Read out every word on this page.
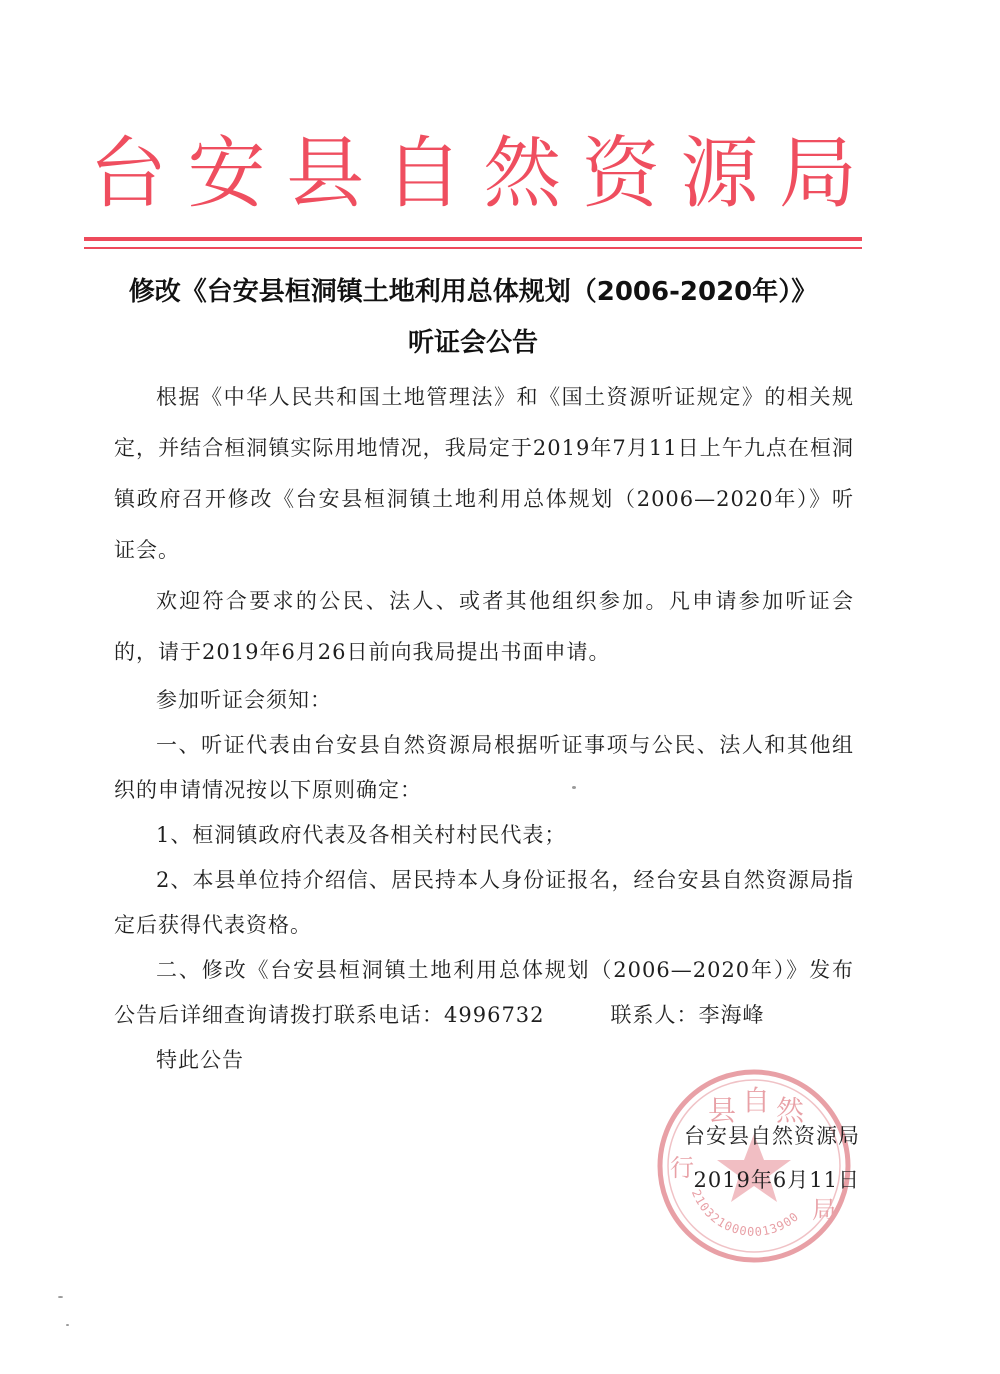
台 安 县 自 然 资 源 局
修改《台安县桓洞镇土地利用总体规划（2006-2020年）》
听证会公告

根据《中华人民共和国土地管理法》和《国土资源听证规定》的相关规定，并结合桓洞镇实际用地情况，我局定于2019年7月11日上午九点在桓洞镇政府召开修改《台安县桓洞镇土地利用总体规划（2006—2020年）》听证会。

欢迎符合要求的公民、法人、或者其他组织参加。凡申请参加听证会的，请于2019年6月26日前向我局提出书面申请。

参加听证会须知：

一、听证代表由台安县自然资源局根据听证事项与公民、法人和其他组织的申请情况按以下原则确定：

1、桓洞镇政府代表及各相关村村民代表；

2、本县单位持介绍信、居民持本人身份证报名，经台安县自然资源局指定后获得代表资格。

二、修改《台安县桓洞镇土地利用总体规划（2006—2020年）》发布公告后详细查询请拨打联系电话：4996732　　　联系人：李海峰

特此公告

县 自 然
行
局
2103210000013900
台安县自然资源局
2019年6月11日
